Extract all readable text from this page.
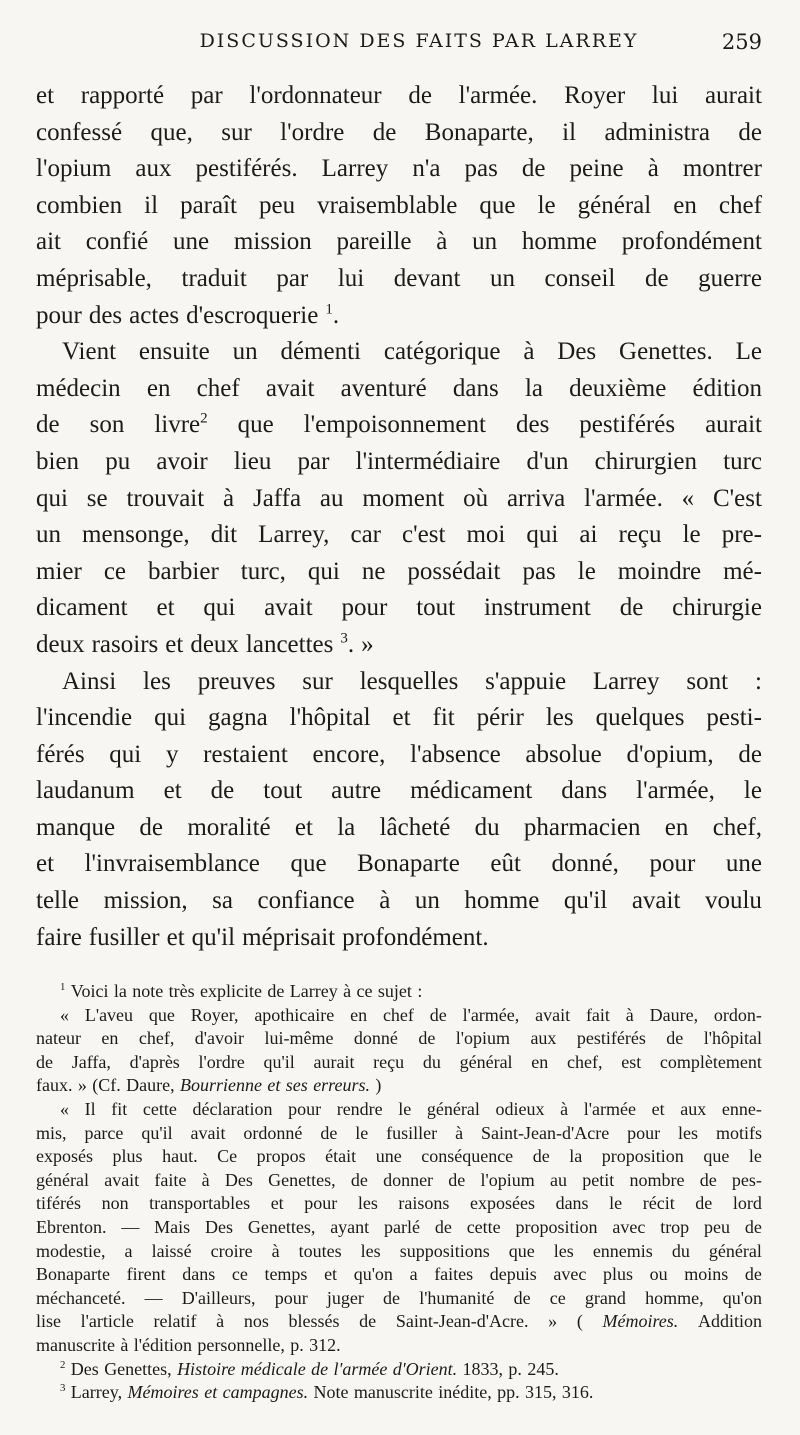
DISCUSSION DES FAITS PAR LARREY	259
et rapporté par l'ordonnateur de l'armée. Royer lui aurait
confessé que, sur l'ordre de Bonaparte, il administra de
l'opium aux pestiférés. Larrey n'a pas de peine à montrer
combien il paraît peu vraisemblable que le général en chef
ait confié une mission pareille à un homme profondément
méprisable, traduit par lui devant un conseil de guerre
pour des actes d'escroquerie $^1$.
Vient ensuite un démenti catégorique à Des Genettes. Le
médecin en chef avait aventuré dans la deuxième édition
de son livre$^2$ que l'empoisonnement des pestiférés aurait
bien pu avoir lieu par l'intermédiaire d'un chirurgien turc
qui se trouvait à Jaffa au moment où arriva l'armée. « C'est
un mensonge, dit Larrey, car c'est moi qui ai reçu le pre-
mier ce barbier turc, qui ne possédait pas le moindre mé-
dicament et qui avait pour tout instrument de chirurgie
deux rasoirs et deux lancettes $^3$. »
Ainsi les preuves sur lesquelles s'appuie Larrey sont :
l'incendie qui gagna l'hôpital et fit périr les quelques pesti-
férés qui y restaient encore, l'absence absolue d'opium, de
laudanum et de tout autre médicament dans l'armée, le
manque de moralité et la lâcheté du pharmacien en chef,
et l'invraisemblance que Bonaparte eût donné, pour une
telle mission, sa confiance à un homme qu'il avait voulu
faire fusiller et qu'il méprisait profondément.
$^1$ Voici la note très explicite de Larrey à ce sujet :
« L'aveu que Royer, apothicaire en chef de l'armée, avait fait à Daure, ordon-
nateur en chef, d'avoir lui-même donné de l'opium aux pestiférés de l'hôpital
de Jaffa, d'après l'ordre qu'il aurait reçu du général en chef, est complètement
faux. » (Cf. Daure, Bourrienne et ses erreurs. )
« Il fit cette déclaration pour rendre le général odieux à l'armée et aux enne-
mis, parce qu'il avait ordonné de le fusiller à Saint-Jean-d'Acre pour les motifs
exposés plus haut. Ce propos était une conséquence de la proposition que le
général avait faite à Des Genettes, de donner de l'opium au petit nombre de pes-
tiférés non transportables et pour les raisons exposées dans le récit de lord
Ebrenton. — Mais Des Genettes, ayant parlé de cette proposition avec trop peu de
modestie, a laissé croire à toutes les suppositions que les ennemis du général
Bonaparte firent dans ce temps et qu'on a faites depuis avec plus ou moins de
méchanceté. — D'ailleurs, pour juger de l'humanité de ce grand homme, qu'on
lise l'article relatif à nos blessés de Saint-Jean-d'Acre. » ( Mémoires. Addition
manuscrite à l'édition personnelle, p. 312.
$^2$ Des Genettes, Histoire médicale de l'armée d'Orient. 1833, p. 245.
$^3$ Larrey, Mémoires et campagnes. Note manuscrite inédite, pp. 315, 316.
